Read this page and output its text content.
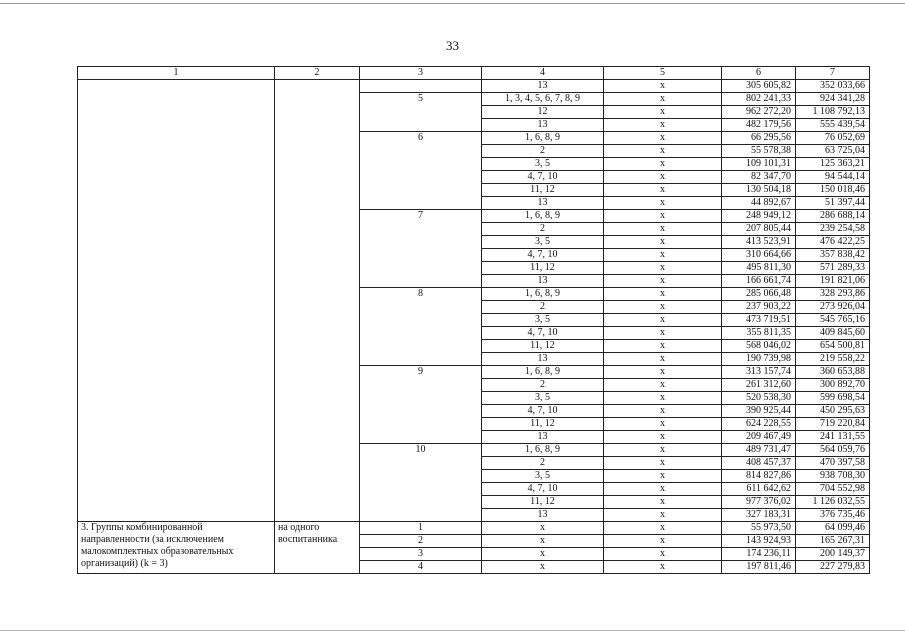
33
1	2	3	4	5	6	7
			13	x	305 605,82	352 033,66
		5	1, 3, 4, 5, 6, 7, 8, 9	x	802 241,33	924 341,28
			12	x	962 272,20	1 108 792,13
			13	x	482 179,56	555 439,54
		6	1, 6, 8, 9	x	66 295,56	76 052,69
			2	x	55 578,38	63 725,04
			3, 5	x	109 101,31	125 363,21
			4, 7, 10	x	82 347,70	94 544,14
			11, 12	x	130 504,18	150 018,46
			13	x	44 892,67	51 397,44
		7	1, 6, 8, 9	x	248 949,12	286 688,14
			2	x	207 805,44	239 254,58
			3, 5	x	413 523,91	476 422,25
			4, 7, 10	x	310 664,66	357 838,42
			11, 12	x	495 811,30	571 289,33
			13	x	166 661,74	191 821,06
		8	1, 6, 8, 9	x	285 066,48	328 293,86
			2	x	237 903,22	273 926,04
			3, 5	x	473 719,51	545 765,16
			4, 7, 10	x	355 811,35	409 845,60
			11, 12	x	568 046,02	654 500,81
			13	x	190 739,98	219 558,22
		9	1, 6, 8, 9	x	313 157,74	360 653,88
			2	x	261 312,60	300 892,70
			3, 5	x	520 538,30	599 698,54
			4, 7, 10	x	390 925,44	450 295,63
			11, 12	x	624 228,55	719 220,84
			13	x	209 467,49	241 131,55
		10	1, 6, 8, 9	x	489 731,47	564 059,76
			2	x	408 457,37	470 397,58
			3, 5	x	814 827,86	938 708,30
			4, 7, 10	x	611 642,62	704 552,98
			11, 12	x	977 376,02	1 126 032,55
			13	x	327 183,31	376 735,46
3. Группы комбинированной направленности (за исключением малокомплектных образовательных организаций) (k = 3)	на одного воспитанника	1	x	x	55 973,50	64 099,46
		2	x	x	143 924,93	165 267,31
		3	x	x	174 236,11	200 149,37
		4	x	x	197 811,46	227 279,83
